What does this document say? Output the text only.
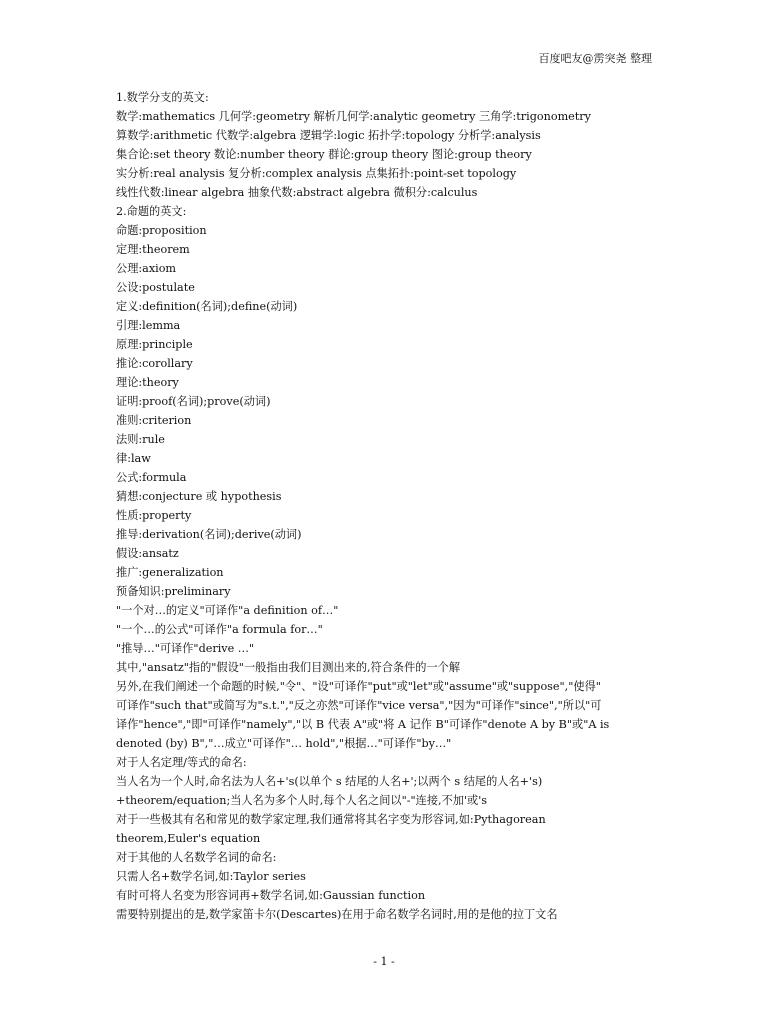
百度吧友@雳突尧 整理
1.数学分支的英文:
数学:mathematics 几何学:geometry 解析几何学:analytic geometry 三角学:trigonometry
算数学:arithmetic 代数学:algebra 逻辑学:logic 拓扑学:topology 分析学:analysis
集合论:set theory 数论:number theory 群论:group theory 图论:group theory
实分析:real analysis 复分析:complex analysis 点集拓扑:point-set topology
线性代数:linear algebra 抽象代数:abstract algebra 微积分:calculus
2.命题的英文:
命题:proposition
定理:theorem
公理:axiom
公设:postulate
定义:definition(名词);define(动词)
引理:lemma
原理:principle
推论:corollary
理论:theory
证明:proof(名词);prove(动词)
准则:criterion
法则:rule
律:law
公式:formula
猜想:conjecture 或 hypothesis
性质:property
推导:derivation(名词);derive(动词)
假设:ansatz
推广:generalization
预备知识:preliminary
"一个对…的定义"可译作"a definition of…"
"一个…的公式"可译作"a formula for…"
"推导…"可译作"derive …"
其中,"ansatz"指的"假设"一般指由我们目测出来的,符合条件的一个解
另外,在我们阐述一个命题的时候,"令"、"设"可译作"put"或"let"或"assume"或"suppose","使得"
可译作"such that"或简写为"s.t.","反之亦然"可译作"vice versa","因为"可译作"since","所以"可
译作"hence","即"可译作"namely","以 B 代表 A"或"将 A 记作 B"可译作"denote A by B"或"A is
denoted (by) B","…成立"可译作"… hold","根据…"可译作"by…"
对于人名定理/等式的命名:
当人名为一个人时,命名法为人名+'s(以单个 s 结尾的人名+';以两个 s 结尾的人名+'s)
+theorem/equation;当人名为多个人时,每个人名之间以"-"连接,不加'或's
对于一些极其有名和常见的数学家定理,我们通常将其名字变为形容词,如:Pythagorean
theorem,Euler's equation
对于其他的人名数学名词的命名:
只需人名+数学名词,如:Taylor series
有时可将人名变为形容词再+数学名词,如:Gaussian function
需要特别提出的是,数学家笛卡尔(Descartes)在用于命名数学名词时,用的是他的拉丁文名
- 1 -
